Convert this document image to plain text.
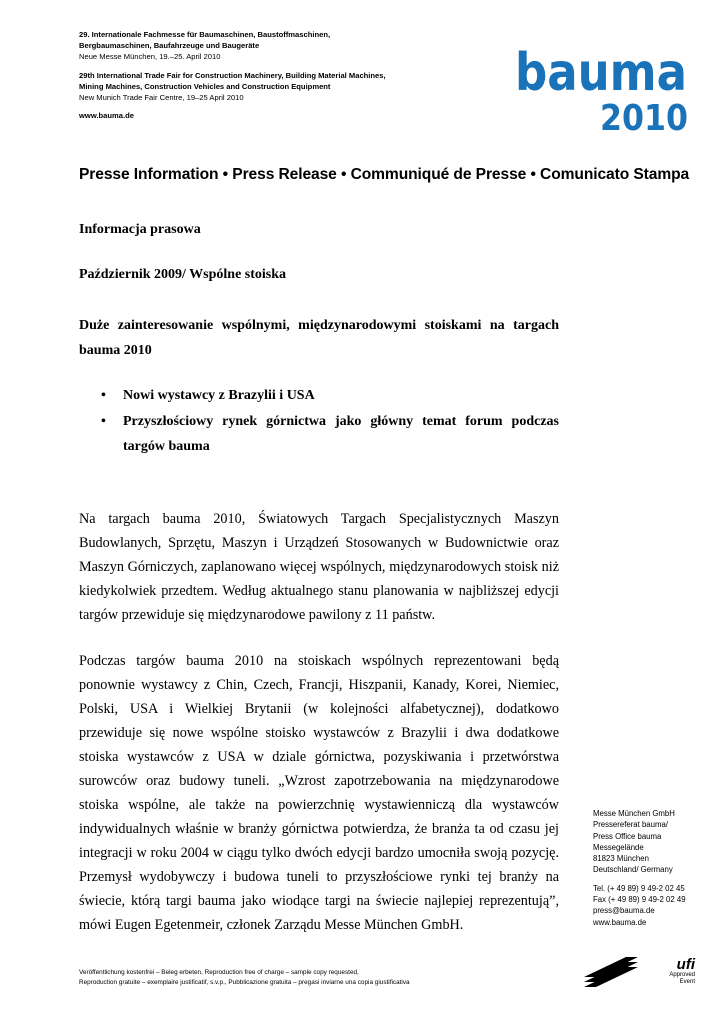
29. Internationale Fachmesse für Baumaschinen, Baustoffmaschinen,
Bergbaumaschinen, Baufahrzeuge und Baugeräte
Neue Messe München, 19.–25. April 2010
29th International Trade Fair for Construction Machinery, Building Material Machines,
Mining Machines, Construction Vehicles and Construction Equipment
New Munich Trade Fair Centre, 19–25 April 2010
www.bauma.de
bauma
2010
Presse Information • Press Release • Communiqué de Presse • Comunicato Stampa
Informacja prasowa
Październik 2009/ Wspólne stoiska
Duże zainteresowanie wspólnymi, międzynarodowymi stoiskami na targach bauma 2010
• Nowi wystawcy z Brazylii i USA
• Przyszłościowy rynek górnictwa jako główny temat forum podczas targów bauma
Na targach bauma 2010, Światowych Targach Specjalistycznych Maszyn Budowlanych, Sprzętu, Maszyn i Urządzeń Stosowanych w Budownictwie oraz Maszyn Górniczych, zaplanowano więcej wspólnych, międzynarodowych stoisk niż kiedykolwiek przedtem. Według aktualnego stanu planowania w najbliższej edycji targów przewiduje się międzynarodowe pawilony z 11 państw.
Podczas targów bauma 2010 na stoiskach wspólnych reprezentowani będą ponownie wystawcy z Chin, Czech, Francji, Hiszpanii, Kanady, Korei, Niemiec, Polski, USA i Wielkiej Brytanii (w kolejności alfabetycznej), dodatkowo przewiduje się nowe wspólne stoisko wystawców z Brazylii i dwa dodatkowe stoiska wystawców z USA w dziale górnictwa, pozyskiwania i przetwórstwa surowców oraz budowy tuneli. „Wzrost zapotrzebowania na międzynarodowe stoiska wspólne, ale także na powierzchnię wystawienniczą dla wystawców indywidualnych właśnie w branży górnictwa potwierdza, że branża ta od czasu jej integracji w roku 2004 w ciągu tylko dwóch edycji bardzo umocniła swoją pozycję. Przemysł wydobywczy i budowa tuneli to przyszłościowe rynki tej branży na świecie, którą targi bauma jako wiodące targi na świecie najlepiej reprezentują”, mówi Eugen Egetenmeir, członek Zarządu Messe München GmbH.
Messe München GmbH
Pressereferat bauma/
Press Office bauma
Messegelände
81823 München
Deutschland/ Germany
Tel. (+ 49 89) 9 49-2 02 45
Fax (+ 49 89) 9 49-2 02 49
press@bauma.de
www.bauma.de
Veröffentlichung kostenfrei – Beleg erbeten, Reproduction free of charge – sample copy requested,
Reproduction gratuite – exemplaire justificatif, s.v.p., Pubblicazione gratuita – pregasi inviarne una copia giustificativa
ufi
Approved
Event
